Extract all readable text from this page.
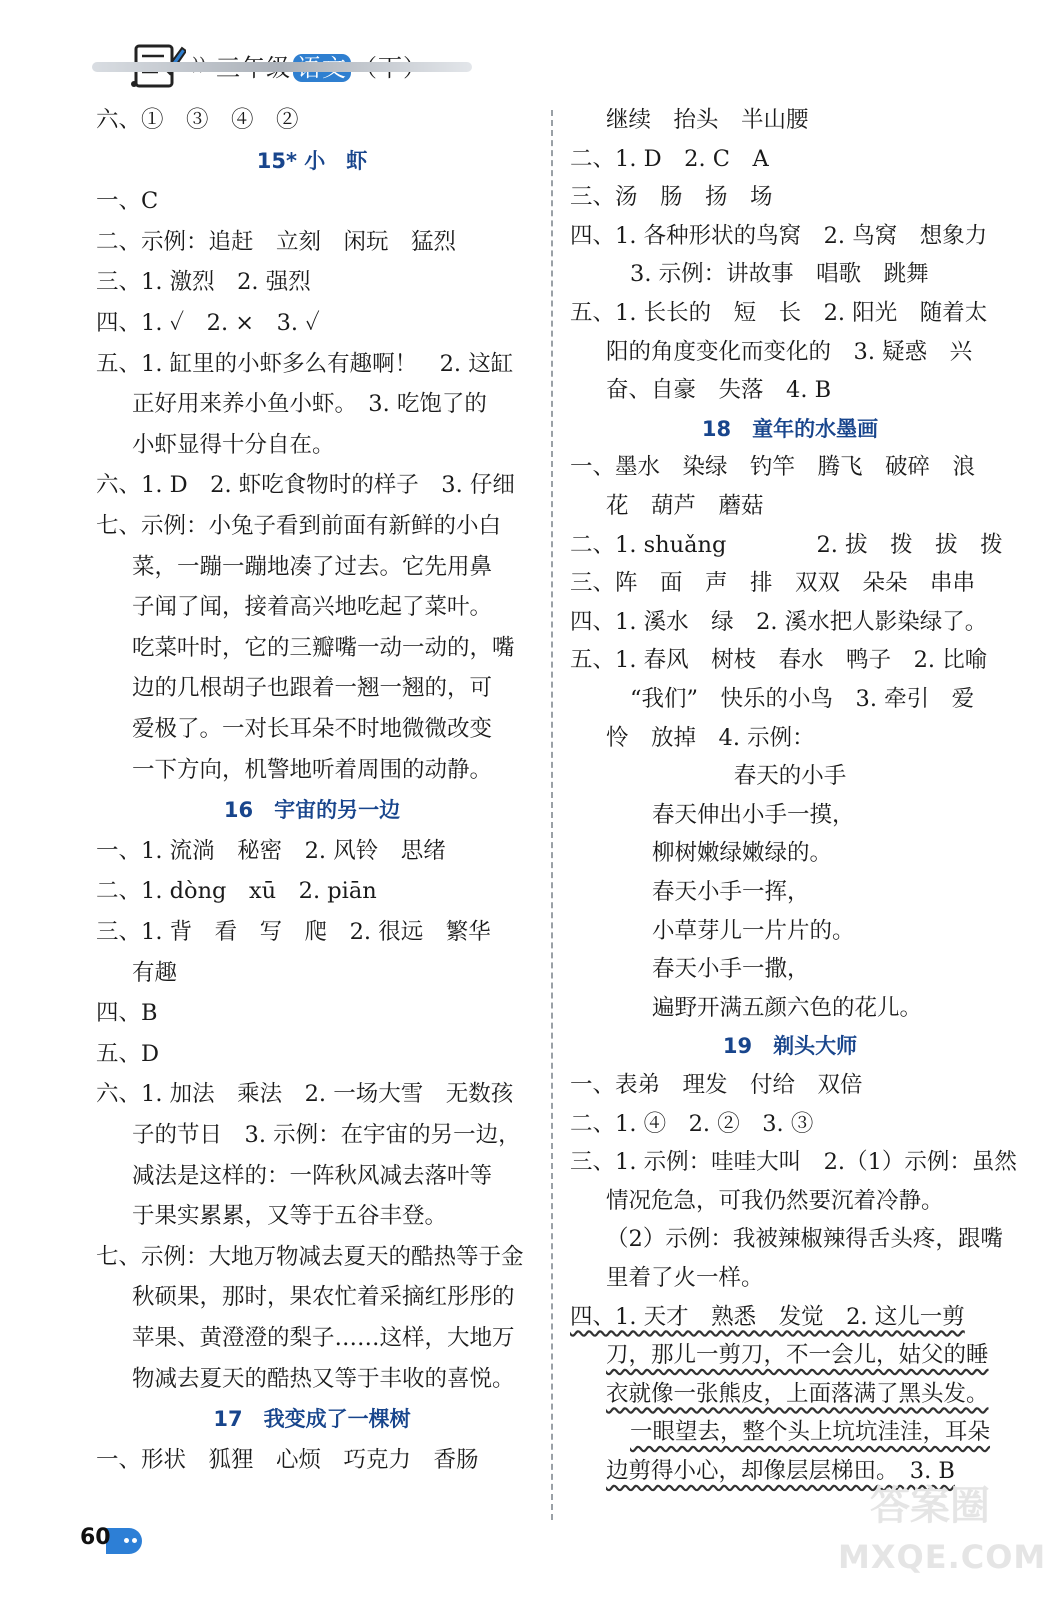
六、①　③　④　②
15* 小　虾
一、C
二、示例：追赶　立刻　闲玩　猛烈
三、1. 激烈　2. 强烈
四、1. ✓　2. ×　3. ✓
五、1. 缸里的小虾多么有趣啊！　2. 这缸
正好用来养小鱼小虾。　3. 吃饱了的
小虾显得十分自在。
六、1. D　2. 虾吃食物时的样子　3. 仔细
七、示例：小兔子看到前面有新鲜的小白
菜，一蹦一蹦地凑了过去。它先用鼻
子闻了闻，接着高兴地吃起了菜叶。
吃菜叶时，它的三瓣嘴一动一动的，嘴
边的几根胡子也跟着一翘一翘的，可
爱极了。一对长耳朵不时地微微改变
一下方向，机警地听着周围的动静。
16　宇宙的另一边
一、1. 流淌　秘密　2. 风铃　思绪
二、1. dòng　xū　2. piān
三、1. 背　看　写　爬　2. 很远　繁华
有趣
四、B
五、D
六、1. 加法　乘法　2. 一场大雪　无数孩
子的节日　3. 示例：在宇宙的另一边，
减法是这样的：一阵秋风减去落叶等
于果实累累，又等于五谷丰登。
七、示例：大地万物减去夏天的酷热等于金
秋硕果，那时，果农忙着采摘红彤彤的
苹果、黄澄澄的梨子……这样，大地万
物减去夏天的酷热又等于丰收的喜悦。
17　我变成了一棵树
一、形状　狐狸　心烦　巧克力　香肠
继续　抬头　半山腰
二、1. D　2. C　A
三、汤　肠　扬　场
四、1. 各种形状的鸟窝　2. 鸟窝　想象力
3. 示例：讲故事　唱歌　跳舞
五、1. 长长的　短　长　2. 阳光　随着太
阳的角度变化而变化的　3. 疑惑　兴
奋、自豪　失落　4. B
18　童年的水墨画
一、墨水　染绿　钓竿　腾飞　破碎　浪
花　葫芦　蘑菇
二、1. shuǎng　　　　2. 拔　拨　拔　拨
三、阵　面　声　排　双双　朵朵　串串
四、1. 溪水　绿　2. 溪水把人影染绿了。
五、1. 春风　树枝　春水　鸭子　2. 比喻
“我们”　快乐的小鸟　3. 牵引　爱
怜　放掉　4. 示例：
春天的小手
春天伸出小手一摸，
柳树嫩绿嫩绿的。
春天小手一挥，
小草芽儿一片片的。
春天小手一撒，
遍野开满五颜六色的花儿。
19　剃头大师
一、表弟　理发　付给　双倍
二、1. ④　2. ②　3. ③
三、1. 示例：哇哇大叫　2.（1）示例：虽然
情况危急，可我仍然要沉着冷静。
（2）示例：我被辣椒辣得舌头疼，跟嘴
里着了火一样。
四、1. 天才　熟悉　发觉　2. 这儿一剪
刀，那儿一剪刀，不一会儿，姑父的睡
衣就像一张熊皮，上面落满了黑头发。
一眼望去，整个头上坑坑洼洼，耳朵
边剪得小心，却像层层梯田。　3. B
60
答案圈
MXQE.COM
